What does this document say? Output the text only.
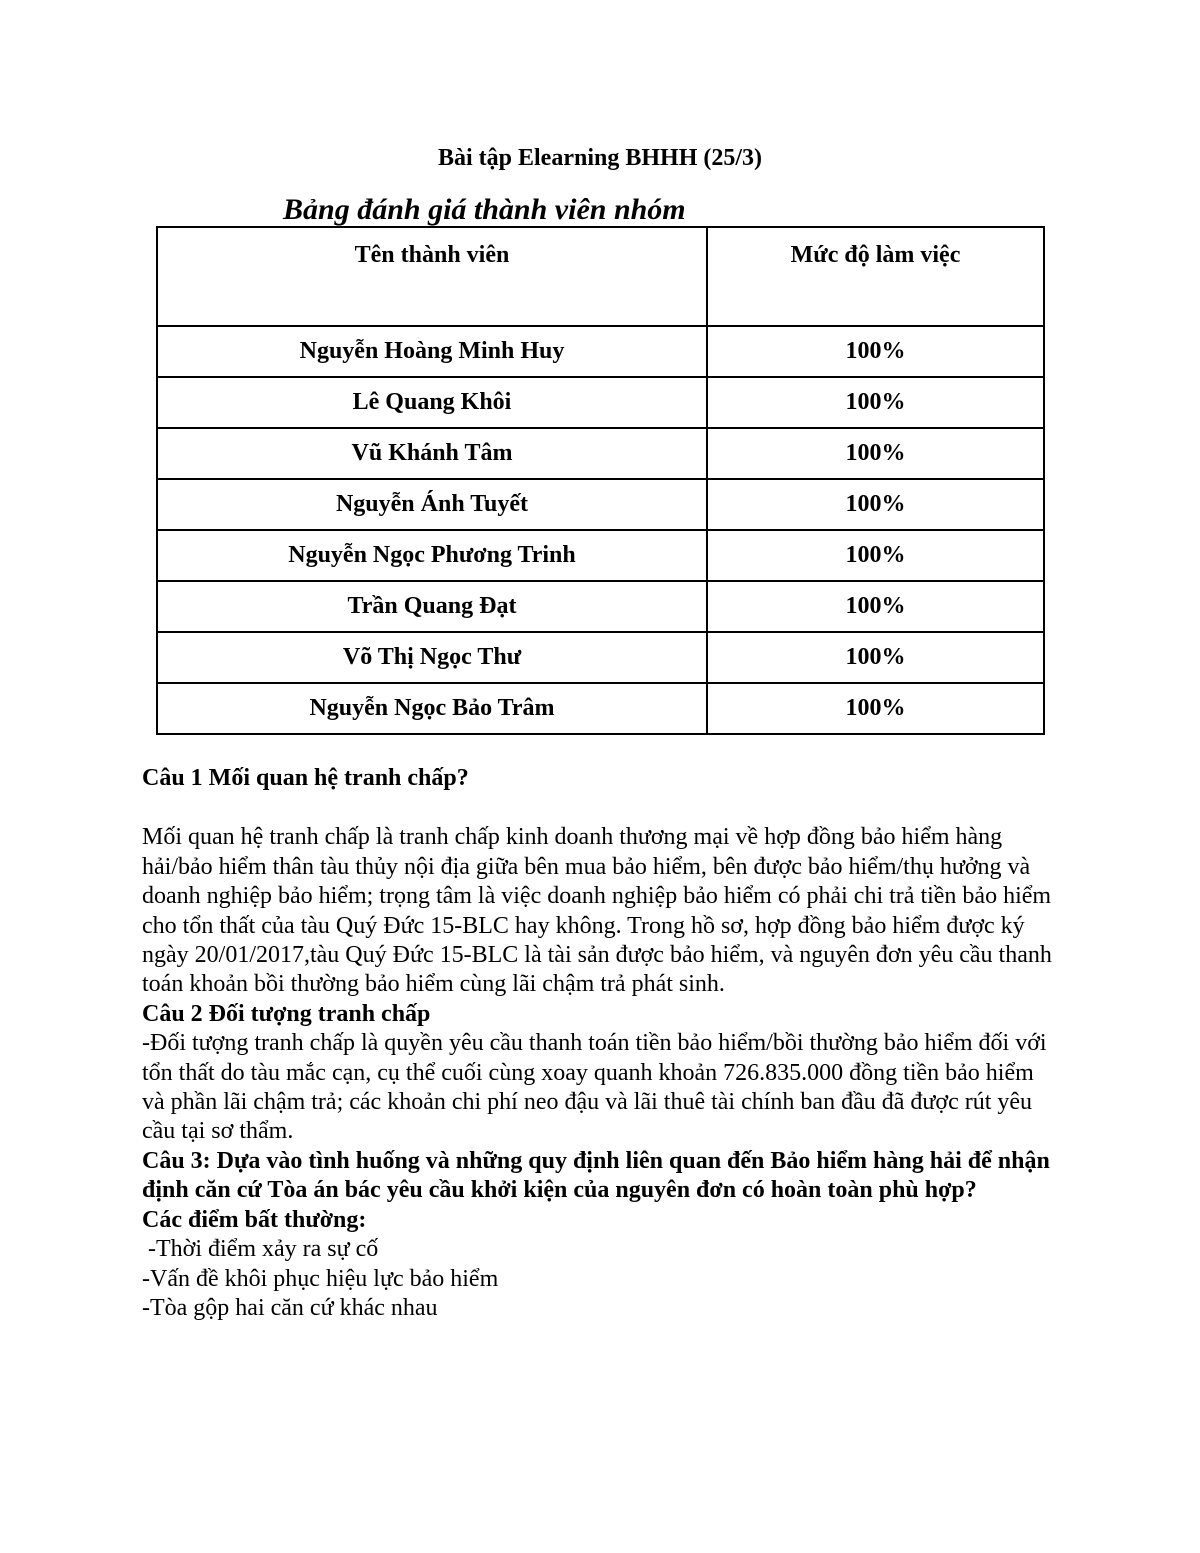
Bài tập Elearning BHHH (25/3)
Bảng đánh giá thành viên nhóm
Tên thành viên	Mức độ làm việc
Nguyễn Hoàng Minh Huy	100%
Lê Quang Khôi	100%
Vũ Khánh Tâm	100%
Nguyễn Ánh Tuyết	100%
Nguyễn Ngọc Phương Trinh	100%
Trần Quang Đạt	100%
Võ Thị Ngọc Thư	100%
Nguyễn Ngọc Bảo Trâm	100%

Câu 1 Mối quan hệ tranh chấp?

Mối quan hệ tranh chấp là tranh chấp kinh doanh thương mại về hợp đồng bảo hiểm hàng hải/bảo hiểm thân tàu thủy nội địa giữa bên mua bảo hiểm, bên được bảo hiểm/thụ hưởng và doanh nghiệp bảo hiểm; trọng tâm là việc doanh nghiệp bảo hiểm có phải chi trả tiền bảo hiểm cho tổn thất của tàu Quý Đức 15-BLC hay không. Trong hồ sơ, hợp đồng bảo hiểm được ký ngày 20/01/2017,tàu Quý Đức 15-BLC là tài sản được bảo hiểm, và nguyên đơn yêu cầu thanh toán khoản bồi thường bảo hiểm cùng lãi chậm trả phát sinh.

Câu 2 Đối tượng tranh chấp

-Đối tượng tranh chấp là quyền yêu cầu thanh toán tiền bảo hiểm/bồi thường bảo hiểm đối với tổn thất do tàu mắc cạn, cụ thể cuối cùng xoay quanh khoản 726.835.000 đồng tiền bảo hiểm và phần lãi chậm trả; các khoản chi phí neo đậu và lãi thuê tài chính ban đầu đã được rút yêu cầu tại sơ thẩm.

Câu 3: Dựa vào tình huống và những quy định liên quan đến Bảo hiểm hàng hải để nhận định căn cứ Tòa án bác yêu cầu khởi kiện của nguyên đơn có hoàn toàn phù hợp?

Các điểm bất thường:

-Thời điểm xảy ra sự cố

-Vấn đề khôi phục hiệu lực bảo hiểm

-Tòa gộp hai căn cứ khác nhau
